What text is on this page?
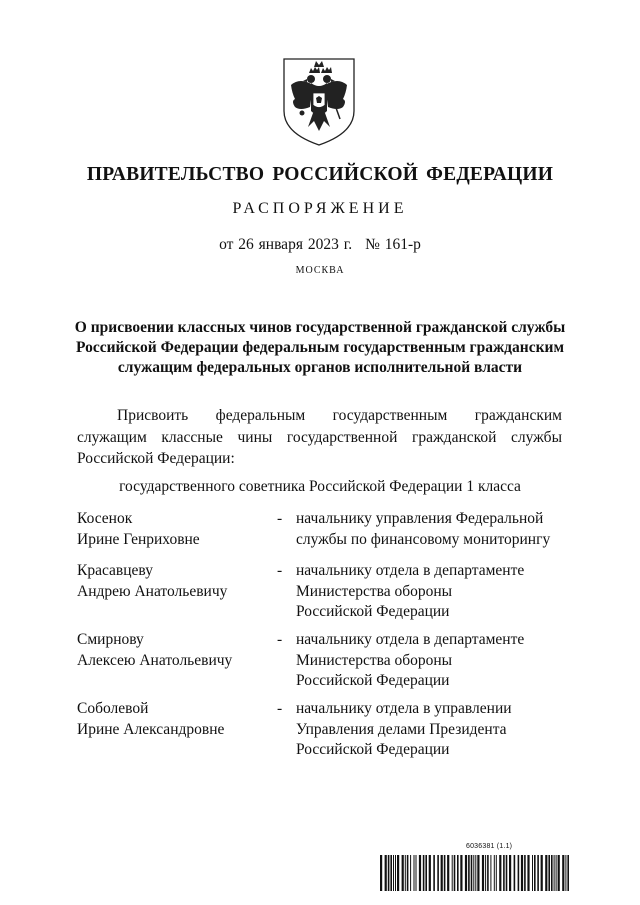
ПРАВИТЕЛЬСТВО РОССИЙСКОЙ ФЕДЕРАЦИИ
РАСПОРЯЖЕНИЕ
от 26 января 2023 г. № 161-р
МОСКВА
О присвоении классных чинов государственной гражданской службы
Российской Федерации федеральным государственным гражданским
служащим федеральных органов исполнительной власти
Присвоить федеральным государственным гражданским служащим классные чины государственной гражданской службы Российской Федерации:
государственного советника Российской Федерации 1 класса
Косенок
Ирине Генриховне
- начальнику управления Федеральной
службы по финансовому мониторингу
Красавцеву
Андрею Анатольевичу
- начальнику отдела в департаменте
Министерства обороны
Российской Федерации
Смирнову
Алексею Анатольевичу
- начальнику отдела в департаменте
Министерства обороны
Российской Федерации
Соболевой
Ирине Александровне
- начальнику отдела в управлении
Управления делами Президента
Российской Федерации
6036381 (1.1)
